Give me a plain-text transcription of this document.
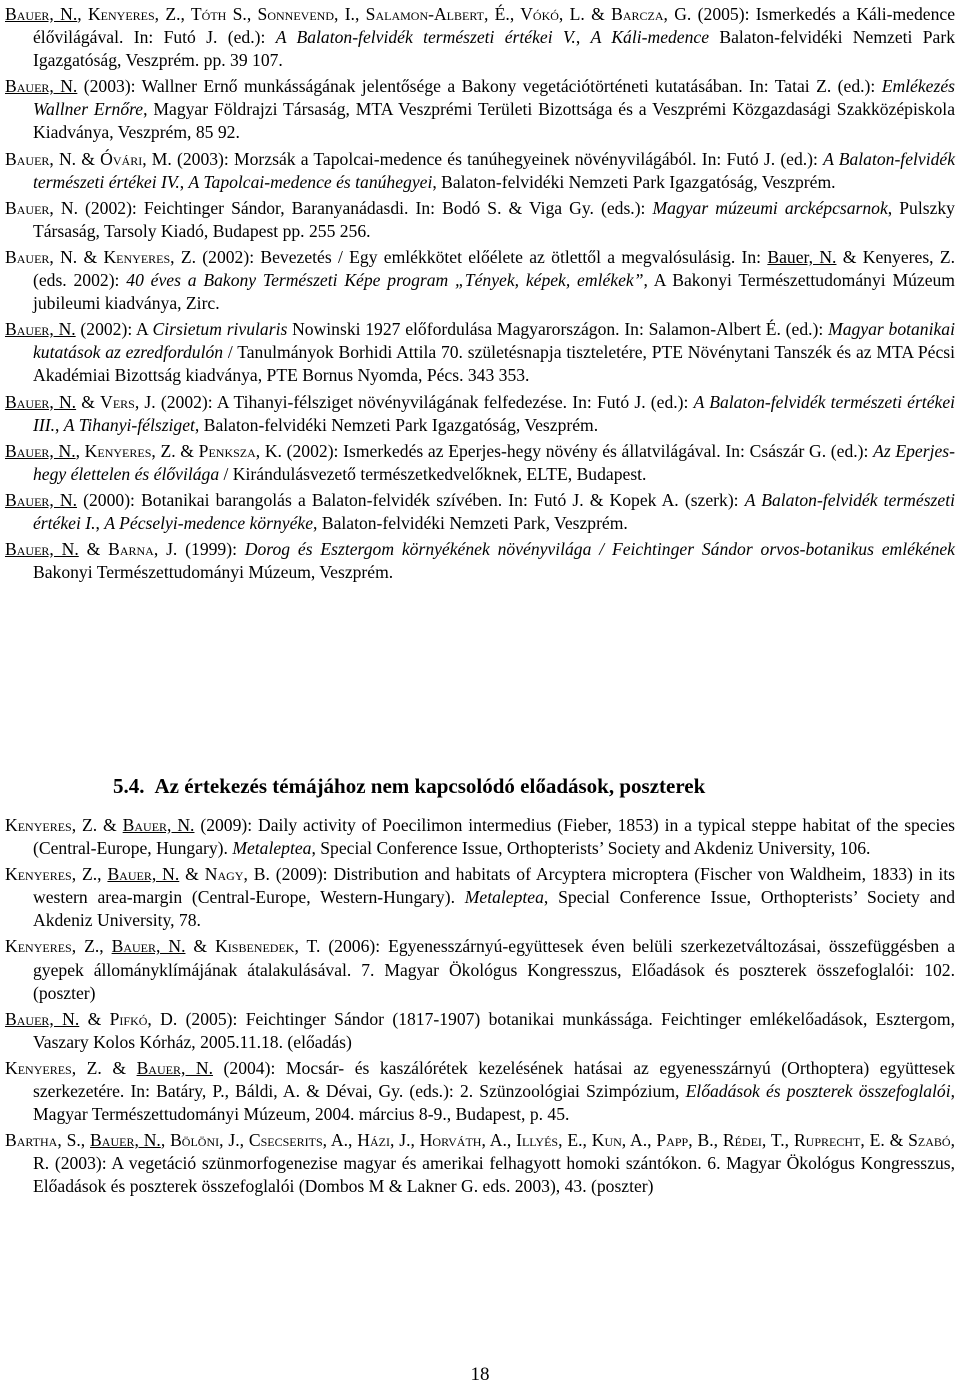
Bauer, N., Kenyeres, Z., Tóth S., Sonnevend, I., Salamon-Albert, É., Vókó, L. & Barcza, G. (2005): Ismerkedés a Káli-medence élővilágával. In: Futó J. (ed.): A Balaton-felvidék természeti értékei V., A Káli-medence Balaton-felvidéki Nemzeti Park Igazgatóság, Veszprém. pp. 39 107.

Bauer, N. (2003): Wallner Ernő munkásságának jelentősége a Bakony vegetációtörténeti kutatásában. In: Tatai Z. (ed.): Emlékezés Wallner Ernőre, Magyar Földrajzi Társaság, MTA Veszprémi Területi Bizottsága és a Veszprémi Közgazdasági Szakközépiskola Kiadványa, Veszprém, 85 92.

Bauer, N. & Óvári, M. (2003): Morzsák a Tapolcai-medence és tanúhegyeinek növényvilágából. In: Futó J. (ed.): A Balaton-felvidék természeti értékei IV., A Tapolcai-medence és tanúhegyei, Balaton-felvidéki Nemzeti Park Igazgatóság, Veszprém.

Bauer, N. (2002): Feichtinger Sándor, Baranyanádasdi. In: Bodó S. & Viga Gy. (eds.): Magyar múzeumi arcképcsarnok, Pulszky Társaság, Tarsoly Kiadó, Budapest pp. 255 256.

Bauer, N. & Kenyeres, Z. (2002): Bevezetés / Egy emlékkötet előélete az ötlettől a megvalósulásig. In: Bauer, N. & Kenyeres, Z. (eds. 2002): 40 éves a Bakony Természeti Képe program „Tények, képek, emlékek”, A Bakonyi Természettudományi Múzeum jubileumi kiadványa, Zirc.

Bauer, N. (2002): A Cirsietum rivularis Nowinski 1927 előfordulása Magyarországon. In: Salamon-Albert É. (ed.): Magyar botanikai kutatások az ezredfordulón / Tanulmányok Borhidi Attila 70. születésnapja tiszteletére, PTE Növénytani Tanszék és az MTA Pécsi Akadémiai Bizottság kiadványa, PTE Bornus Nyomda, Pécs. 343 353.

Bauer, N. & Vers, J. (2002): A Tihanyi-félsziget növényvilágának felfedezése. In: Futó J. (ed.): A Balaton-felvidék természeti értékei III., A Tihanyi-félsziget, Balaton-felvidéki Nemzeti Park Igazgatóság, Veszprém.

Bauer, N., Kenyeres, Z. & Penksza, K. (2002): Ismerkedés az Eperjes-hegy növény és állatvilágával. In: Császár G. (ed.): Az Eperjes-hegy élettelen és élővilága / Kirándulásvezető természetkedvelőknek, ELTE, Budapest.

Bauer, N. (2000): Botanikai barangolás a Balaton-felvidék szívében. In: Futó J. & Kopek A. (szerk): A Balaton-felvidék természeti értékei I., A Pécselyi-medence környéke, Balaton-felvidéki Nemzeti Park, Veszprém.

Bauer, N. & Barna, J. (1999): Dorog és Esztergom környékének növényvilága / Feichtinger Sándor orvos-botanikus emlékének Bakonyi Természettudományi Múzeum, Veszprém.

5.4. Az értekezés témájához nem kapcsolódó előadások, poszterek

Kenyeres, Z. & Bauer, N. (2009): Daily activity of Poecilimon intermedius (Fieber, 1853) in a typical steppe habitat of the species (Central-Europe, Hungary). Metaleptea, Special Conference Issue, Orthopterists’ Society and Akdeniz University, 106.

Kenyeres, Z., Bauer, N. & Nagy, B. (2009): Distribution and habitats of Arcyptera microptera (Fischer von Waldheim, 1833) in its western area-margin (Central-Europe, Western-Hungary). Metaleptea, Special Conference Issue, Orthopterists’ Society and Akdeniz University, 78.

Kenyeres, Z., Bauer, N. & Kisbenedek, T. (2006): Egyenesszárnyú-együttesek éven belüli szerkezetváltozásai, összefüggésben a gyepek állományklímájának átalakulásával. 7. Magyar Ökológus Kongresszus, Előadások és poszterek összefoglalói: 102. (poszter)

Bauer, N. & Pifkó, D. (2005): Feichtinger Sándor (1817-1907) botanikai munkássága. Feichtinger emlékelőadások, Esztergom, Vaszary Kolos Kórház, 2005.11.18. (előadás)

Kenyeres, Z. & Bauer, N. (2004): Mocsár- és kaszálórétek kezelésének hatásai az egyenesszárnyú (Orthoptera) együttesek szerkezetére. In: Batáry, P., Báldi, A. & Dévai, Gy. (eds.): 2. Szünzoológiai Szimpózium, Előadások és poszterek összefoglalói, Magyar Természettudományi Múzeum, 2004. március 8-9., Budapest, p. 45.

Bartha, S., Bauer, N., Bölöni, J., Csecserits, A., Házi, J., Horváth, A., Illyés, E., Kun, A., Papp, B., Rédei, T., Ruprecht, E. & Szabó, R. (2003): A vegetáció szünmorfogenezise magyar és amerikai felhagyott homoki szántókon. 6. Magyar Ökológus Kongresszus, Előadások és poszterek összefoglalói (Dombos M & Lakner G. eds. 2003), 43. (poszter)

18
